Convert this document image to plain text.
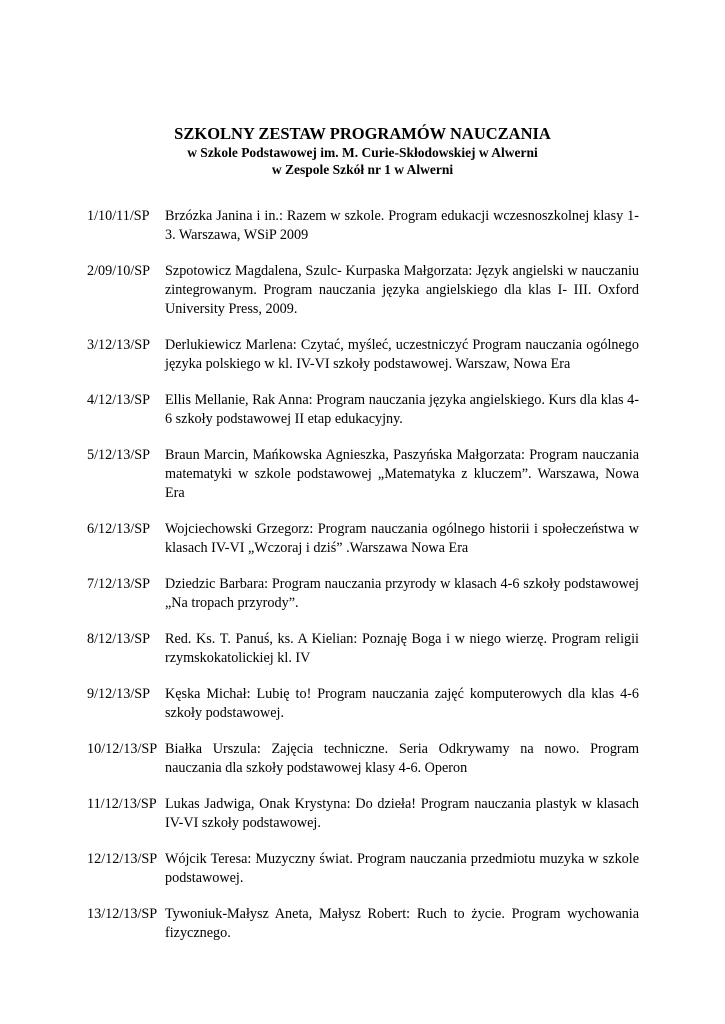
SZKOLNY ZESTAW PROGRAMÓW NAUCZANIA

w Szkole Podstawowej im. M. Curie-Skłodowskiej w Alwerni

w Zespole Szkół nr 1 w Alwerni

1/10/11/SP	Brzózka Janina i in.: Razem w szkole. Program edukacji wczesnoszkolnej klasy 1-3. Warszawa, WSiP 2009
2/09/10/SP	Szpotowicz Magdalena, Szulc- Kurpaska Małgorzata: Język angielski w nauczaniu zintegrowanym. Program nauczania języka angielskiego dla klas I- III. Oxford University Press, 2009.
3/12/13/SP	Derlukiewicz Marlena: Czytać, myśleć, uczestniczyć Program nauczania ogólnego języka polskiego w kl. IV-VI szkoły podstawowej. Warszaw, Nowa Era
4/12/13/SP	Ellis Mellanie, Rak Anna: Program nauczania języka angielskiego. Kurs dla klas 4-6 szkoły podstawowej II etap edukacyjny.
5/12/13/SP	Braun Marcin, Mańkowska Agnieszka, Paszyńska Małgorzata: Program nauczania matematyki w szkole podstawowej „Matematyka z kluczem”. Warszawa, Nowa Era
6/12/13/SP	Wojciechowski Grzegorz: Program nauczania ogólnego historii i społeczeństwa w klasach IV-VI „Wczoraj i dziś” .Warszawa Nowa Era
7/12/13/SP	Dziedzic Barbara: Program nauczania przyrody w klasach 4-6 szkoły podstawowej „Na tropach przyrody”.
8/12/13/SP	Red. Ks. T. Panuś, ks. A Kielian: Poznaję Boga i w niego wierzę. Program religii rzymskokatolickiej kl. IV
9/12/13/SP	Kęska Michał: Lubię to! Program nauczania zajęć komputerowych dla klas 4-6 szkoły podstawowej.
10/12/13/SP Białka Urszula: Zajęcia techniczne. Seria Odkrywamy na nowo. Program nauczania dla szkoły podstawowej klasy 4-6. Operon
11/12/13/SP Lukas Jadwiga, Onak Krystyna: Do dzieła! Program nauczania plastyk w klasach IV-VI szkoły podstawowej.
12/12/13/SP Wójcik Teresa: Muzyczny świat. Program nauczania przedmiotu muzyka w szkole podstawowej.
13/12/13/SP Tywoniuk-Małysz Aneta, Małysz Robert: Ruch to życie. Program wychowania fizycznego.
